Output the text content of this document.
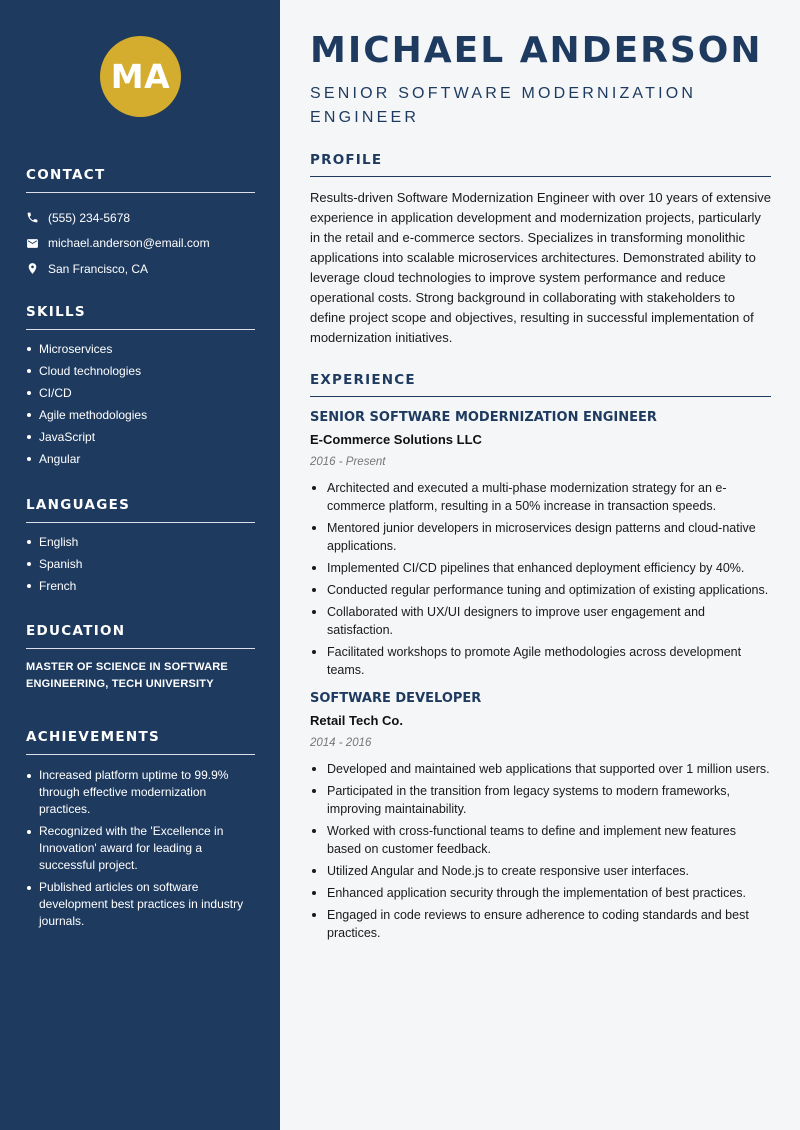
MA
CONTACT
(555) 234-5678
michael.anderson@email.com
San Francisco, CA
SKILLS
Microservices
Cloud technologies
CI/CD
Agile methodologies
JavaScript
Angular
LANGUAGES
English
Spanish
French
EDUCATION

MASTER OF SCIENCE IN SOFTWARE ENGINEERING, TECH UNIVERSITY

ACHIEVEMENTS
Increased platform uptime to 99.9% through effective modernization practices.
Recognized with the 'Excellence in Innovation' award for leading a successful project.
Published articles on software development best practices in industry journals.
MICHAEL ANDERSON

SENIOR SOFTWARE MODERNIZATION ENGINEER

PROFILE

Results-driven Software Modernization Engineer with over 10 years of extensive experience in application development and modernization projects, particularly in the retail and e-commerce sectors. Specializes in transforming monolithic applications into scalable microservices architectures. Demonstrated ability to leverage cloud technologies to improve system performance and reduce operational costs. Strong background in collaborating with stakeholders to define project scope and objectives, resulting in successful implementation of modernization initiatives.

EXPERIENCE
SENIOR SOFTWARE MODERNIZATION ENGINEER
E-Commerce Solutions LLC
2016 - Present
Architected and executed a multi-phase modernization strategy for an e-commerce platform, resulting in a 50% increase in transaction speeds.
Mentored junior developers in microservices design patterns and cloud-native applications.
Implemented CI/CD pipelines that enhanced deployment efficiency by 40%.
Conducted regular performance tuning and optimization of existing applications.
Collaborated with UX/UI designers to improve user engagement and satisfaction.
Facilitated workshops to promote Agile methodologies across development teams.
SOFTWARE DEVELOPER
Retail Tech Co.
2014 - 2016
Developed and maintained web applications that supported over 1 million users.
Participated in the transition from legacy systems to modern frameworks, improving maintainability.
Worked with cross-functional teams to define and implement new features based on customer feedback.
Utilized Angular and Node.js to create responsive user interfaces.
Enhanced application security through the implementation of best practices.
Engaged in code reviews to ensure adherence to coding standards and best practices.
